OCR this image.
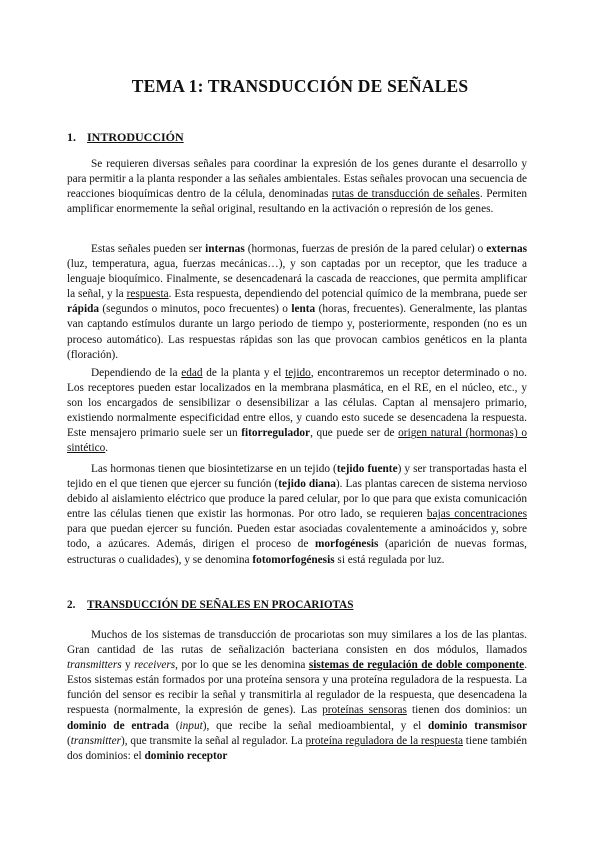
TEMA 1: TRANSDUCCIÓN DE SEÑALES
1. INTRODUCCIÓN

Se requieren diversas señales para coordinar la expresión de los genes durante el desarrollo y para permitir a la planta responder a las señales ambientales. Estas señales provocan una secuencia de reacciones bioquímicas dentro de la célula, denominadas rutas de transducción de señales. Permiten amplificar enormemente la señal original, resultando en la activación o represión de los genes.

Estas señales pueden ser internas (hormonas, fuerzas de presión de la pared celular) o externas (luz, temperatura, agua, fuerzas mecánicas…), y son captadas por un receptor, que les traduce a lenguaje bioquímico. Finalmente, se desencadenará la cascada de reacciones, que permita amplificar la señal, y la respuesta. Esta respuesta, dependiendo del potencial químico de la membrana, puede ser rápida (segundos o minutos, poco frecuentes) o lenta (horas, frecuentes). Generalmente, las plantas van captando estímulos durante un largo periodo de tiempo y, posteriormente, responden (no es un proceso automático). Las respuestas rápidas son las que provocan cambios genéticos en la planta (floración).

Dependiendo de la edad de la planta y el tejido, encontraremos un receptor determinado o no. Los receptores pueden estar localizados en la membrana plasmática, en el RE, en el núcleo, etc., y son los encargados de sensibilizar o desensibilizar a las células. Captan al mensajero primario, existiendo normalmente especificidad entre ellos, y cuando esto sucede se desencadena la respuesta. Este mensajero primario suele ser un fitorregulador, que puede ser de origen natural (hormonas) o sintético.

Las hormonas tienen que biosintetizarse en un tejido (tejido fuente) y ser transportadas hasta el tejido en el que tienen que ejercer su función (tejido diana). Las plantas carecen de sistema nervioso debido al aislamiento eléctrico que produce la pared celular, por lo que para que exista comunicación entre las células tienen que existir las hormonas. Por otro lado, se requieren bajas concentraciones para que puedan ejercer su función. Pueden estar asociadas covalentemente a aminoácidos y, sobre todo, a azúcares. Además, dirigen el proceso de morfogénesis (aparición de nuevas formas, estructuras o cualidades), y se denomina fotomorfogénesis si está regulada por luz.

2. TRANSDUCCIÓN DE SEÑALES EN PROCARIOTAS

Muchos de los sistemas de transducción de procariotas son muy similares a los de las plantas. Gran cantidad de las rutas de señalización bacteriana consisten en dos módulos, llamados transmitters y receivers, por lo que se les denomina sistemas de regulación de doble componente. Estos sistemas están formados por una proteína sensora y una proteína reguladora de la respuesta. La función del sensor es recibir la señal y transmitirla al regulador de la respuesta, que desencadena la respuesta (normalmente, la expresión de genes). Las proteínas sensoras tienen dos dominios: un dominio de entrada (input), que recibe la señal medioambiental, y el dominio transmisor (transmitter), que transmite la señal al regulador. La proteína reguladora de la respuesta tiene también dos dominios: el dominio receptor
